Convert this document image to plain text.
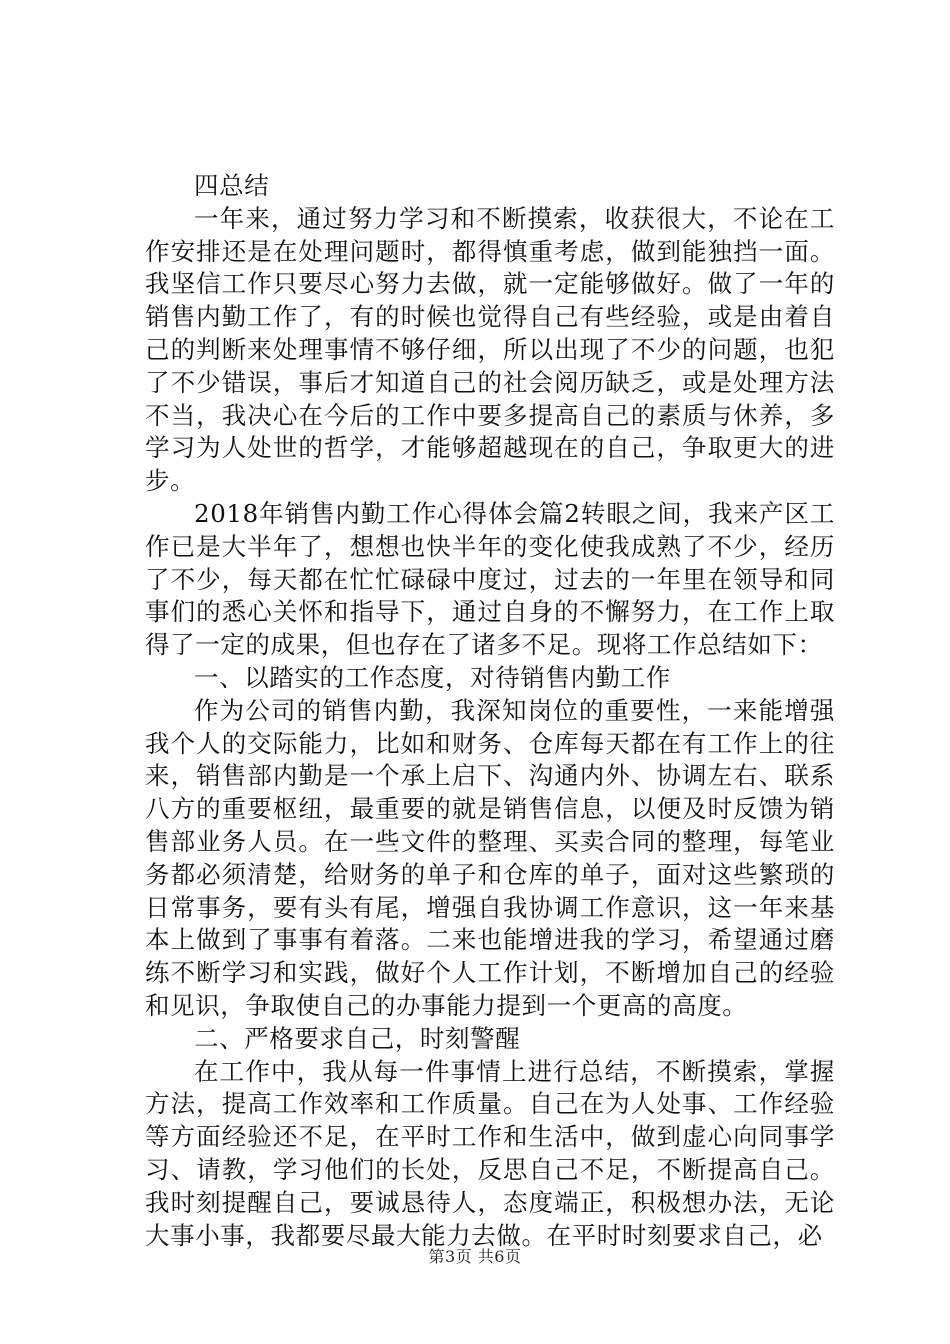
四总结

一年来，通过努力学习和不断摸索，收获很大，不论在工作安排还是在处理问题时，都得慎重考虑，做到能独挡一面。我坚信工作只要尽心努力去做，就一定能够做好。做了一年的销售内勤工作了，有的时候也觉得自己有些经验，或是由着自己的判断来处理事情不够仔细，所以出现了不少的问题，也犯了不少错误，事后才知道自己的社会阅历缺乏，或是处理方法不当，我决心在今后的工作中要多提高自己的素质与休养，多学习为人处世的哲学，才能够超越现在的自己，争取更大的进步。

2018年销售内勤工作心得体会篇2转眼之间，我来产区工作已是大半年了，想想也快半年的变化使我成熟了不少，经历了不少，每天都在忙忙碌碌中度过，过去的一年里在领导和同事们的悉心关怀和指导下，通过自身的不懈努力，在工作上取得了一定的成果，但也存在了诸多不足。现将工作总结如下：

一、以踏实的工作态度，对待销售内勤工作

作为公司的销售内勤，我深知岗位的重要性，一来能增强我个人的交际能力，比如和财务、仓库每天都在有工作上的往来，销售部内勤是一个承上启下、沟通内外、协调左右、联系八方的重要枢纽，最重要的就是销售信息，以便及时反馈为销售部业务人员。在一些文件的整理、买卖合同的整理，每笔业务都必须清楚，给财务的单子和仓库的单子，面对这些繁琐的日常事务，要有头有尾，增强自我协调工作意识，这一年来基本上做到了事事有着落。二来也能增进我的学习，希望通过磨练不断学习和实践，做好个人工作计划，不断增加自己的经验和见识，争取使自己的办事能力提到一个更高的高度。

二、严格要求自己，时刻警醒

在工作中，我从每一件事情上进行总结，不断摸索，掌握方法，提高工作效率和工作质量。自己在为人处事、工作经验等方面经验还不足，在平时工作和生活中，做到虚心向同事学习、请教，学习他们的长处，反思自己不足，不断提高自己。我时刻提醒自己，要诚恳待人，态度端正，积极想办法，无论大事小事，我都要尽最大能力去做。在平时时刻要求自己，必

第3页 共6页
